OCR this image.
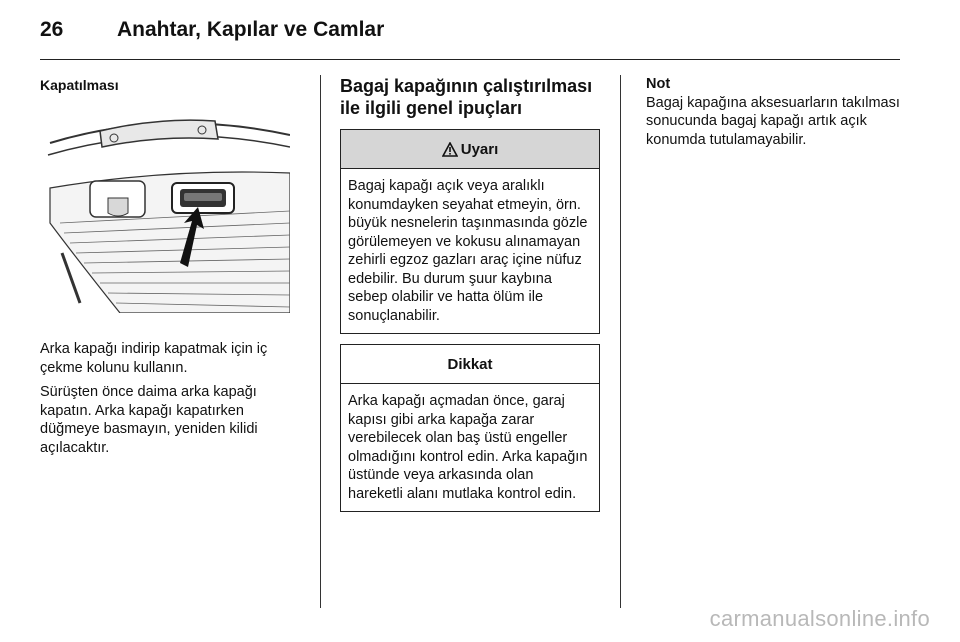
26	Anahtar, Kapılar ve Camlar

Kapatılması

Arka kapağı indirip kapatmak için iç çekme kolunu kullanın.

Sürüşten önce daima arka kapağı kapatın. Arka kapağı kapatırken düğmeye basmayın, yeniden kilidi açılacaktır.

Bagaj kapağının çalıştırılması ile ilgili genel ipuçları

Uyarı
Bagaj kapağı açık veya aralıklı konumdayken seyahat etmeyin, örn. büyük nesnelerin taşınmasında gözle görülemeyen ve kokusu alınamayan zehirli egzoz gazları araç içine nüfuz edebilir. Bu durum şuur kaybına sebep olabilir ve hatta ölüm ile sonuçlanabilir.
Dikkat
Arka kapağı açmadan önce, garaj kapısı gibi arka kapağa zarar verebilecek olan baş üstü engeller olmadığını kontrol edin. Arka kapağın üstünde veya arkasında olan hareketli alanı mutlaka kontrol edin.

Not

Bagaj kapağına aksesuarların takılması sonucunda bagaj kapağı artık açık konumda tutulamayabilir.

carmanualsonline.info
